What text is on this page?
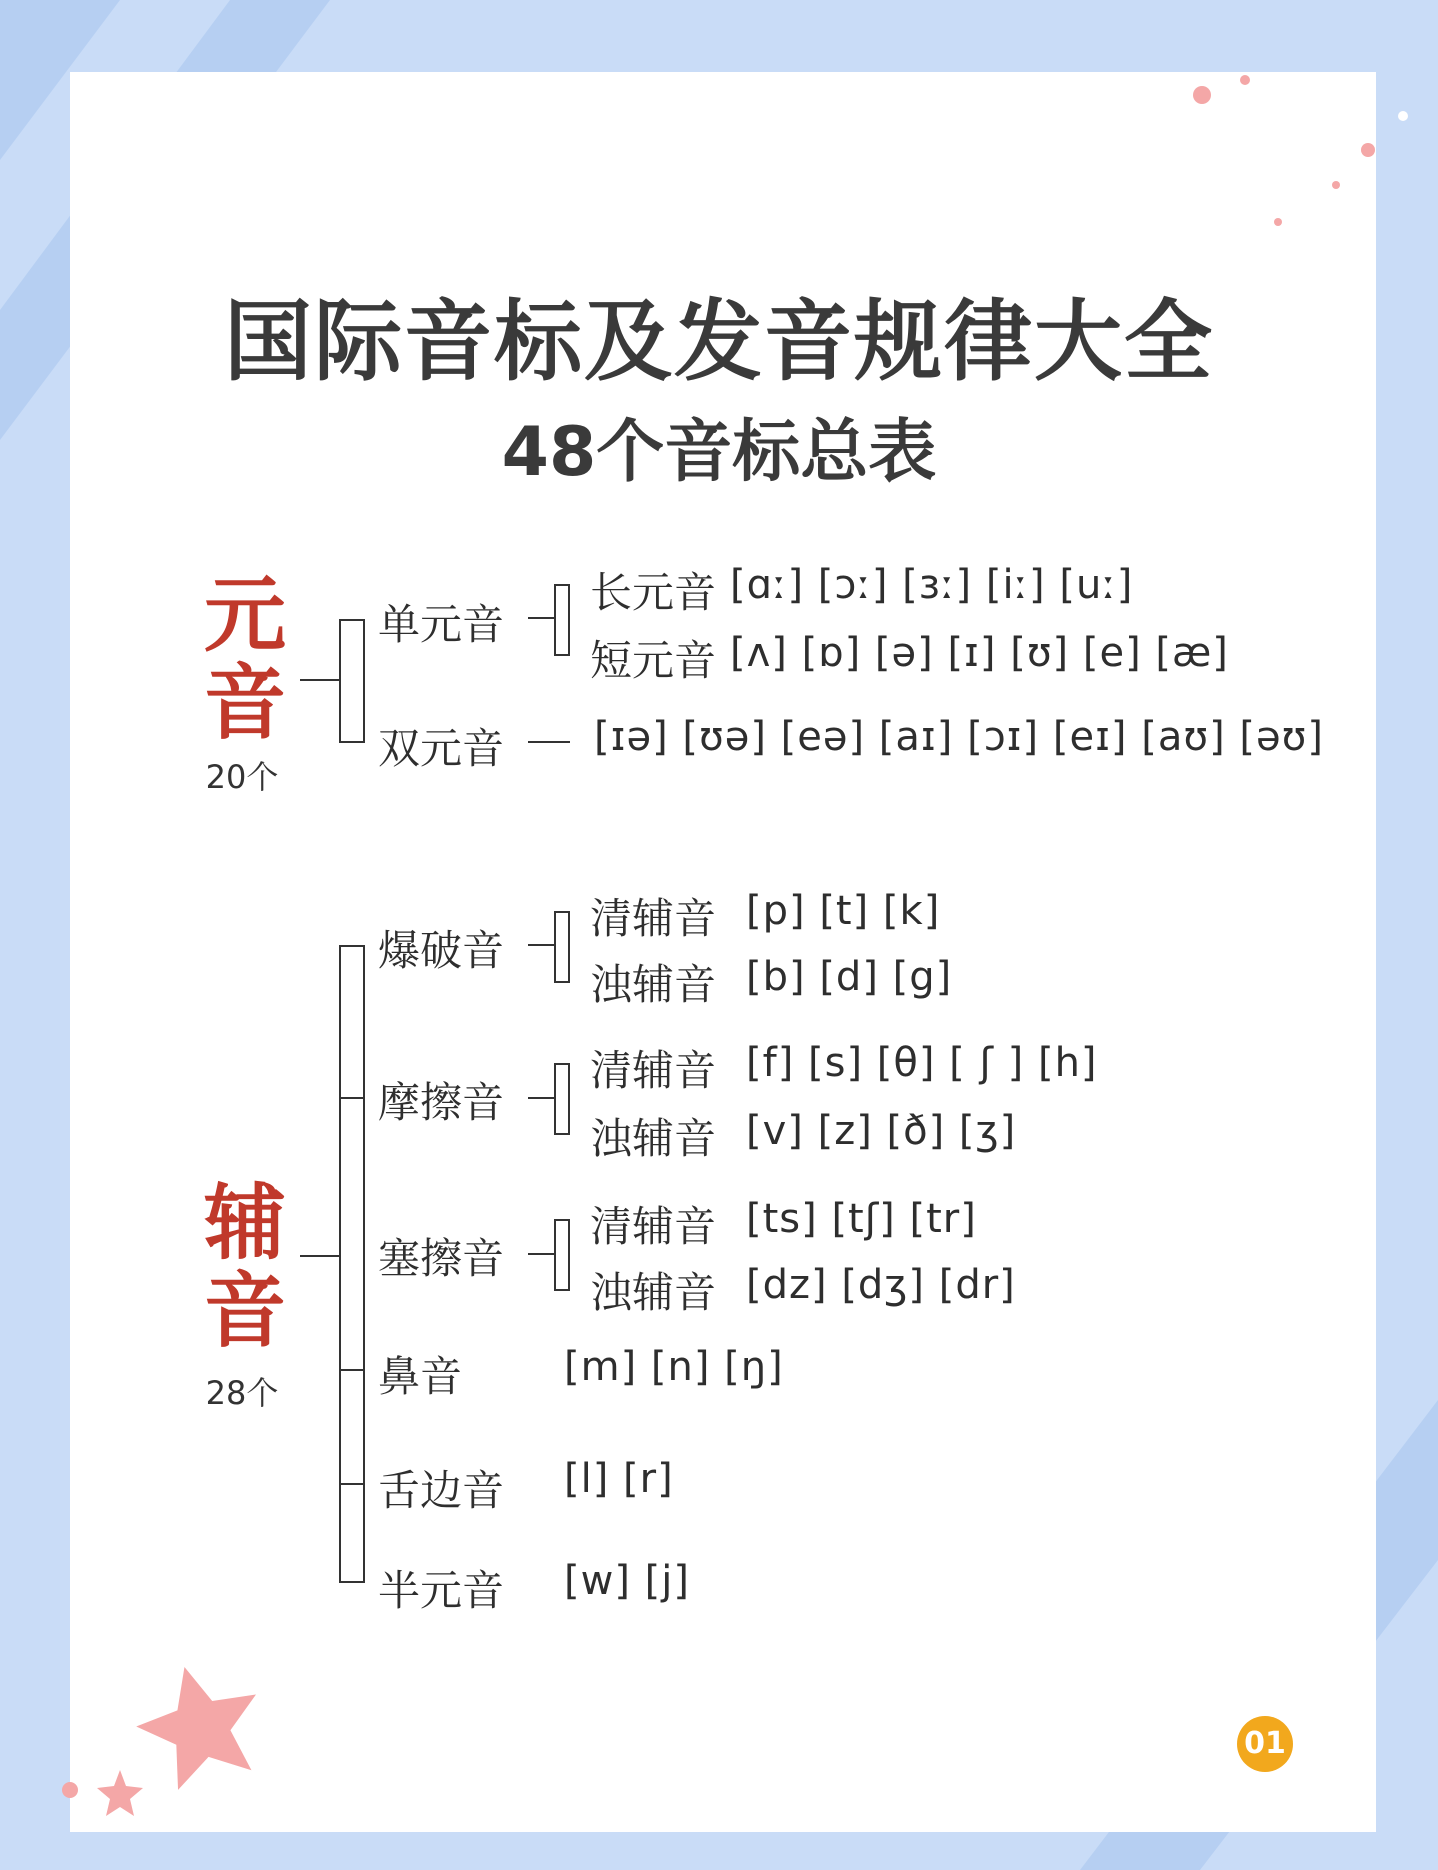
国际音标及发音规律大全
48个音标总表
元音
20个
单元音
长元音 [ɑː] [ɔː] [ɜː] [iː] [uː]
短元音 [ʌ] [ɒ] [ə] [ɪ] [ʊ] [e] [æ]
双元音 [ɪə] [ʊə] [eə] [aɪ] [ɔɪ] [eɪ] [aʊ] [əʊ]
辅音
28个
爆破音
清辅音 [p] [t] [k]
浊辅音 [b] [d] [g]
摩擦音
清辅音 [f] [s] [θ] [ ʃ ] [h]
浊辅音 [v] [z] [ð] [ʒ]
塞擦音
清辅音 [ts] [tʃ] [tr]
浊辅音 [dz] [dʒ] [dr]
鼻音	[m] [n] [ŋ]
舌边音 [l] [r]
半元音 [w] [j]
01
